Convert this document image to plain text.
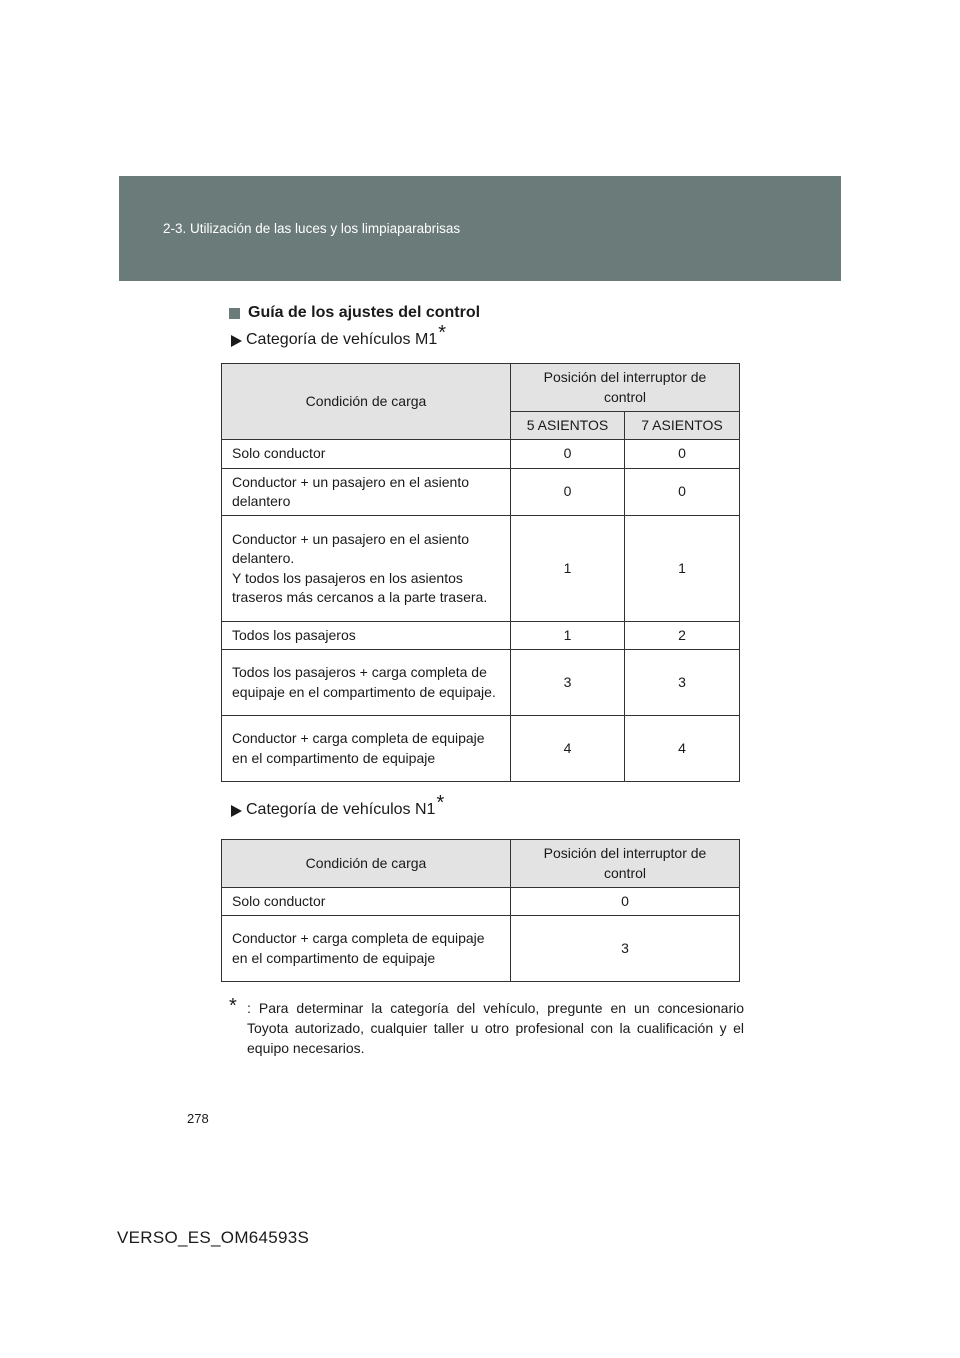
2-3. Utilización de las luces y los limpiaparabrisas
Guía de los ajustes del control
Categoría de vehículos M1 *
Condición de carga	Posición del interruptor de control	
	5 ASIENTOS	7 ASIENTOS
Solo conductor	0	0
Conductor + un pasajero en el asiento delantero	0	0
Conductor + un pasajero en el asiento delantero.
Y todos los pasajeros en los asientos traseros más cercanos a la parte trasera.	1	1
Todos los pasajeros	1	2
Todos los pasajeros + carga completa de equipaje en el compartimento de equipaje.	3	3
Conductor + carga completa de equipaje en el compartimento de equipaje	4	4
Categoría de vehículos N1 *
Condición de carga	Posición del interruptor de control
Solo conductor	0
Conductor + carga completa de equipaje en el compartimento de equipaje	3
* : Para determinar la categoría del vehículo, pregunte en un concesionario Toyota autorizado, cualquier taller u otro profesional con la cualificación y el equipo necesarios.
278
VERSO_ES_OM64593S
